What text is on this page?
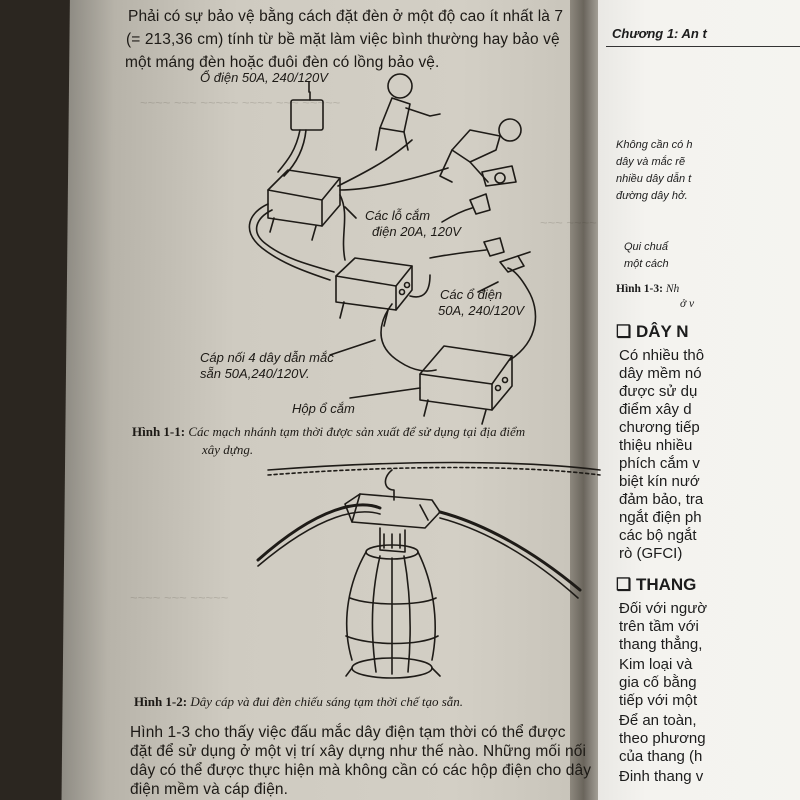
~~~~ ~~~ ~~~~~ ~~~~ ~~~ ~~~~~
~~~ ~~~~
~~~~ ~~~ ~~~~~
Phải có sự bảo vệ bằng cách đặt đèn ở một độ cao ít nhất là 7
(= 213,36 cm) tính từ bề mặt làm việc bình thường hay bảo vệ
một máng đèn hoặc đuôi đèn có lồng bảo vệ.
Ổ điện 50A, 240/120V
Các lỗ cắm
điện 20A, 120V
Các ổ điện
50A, 240/120V
Cáp nối 4 dây dẫn mắc
sẵn 50A,240/120V.
Hộp ổ cắm
Hình 1-1: Các mạch nhánh tạm thời được sản xuất để sử dụng tại địa điểm
xây dựng.
Hình 1-2: Dây cáp và đui đèn chiếu sáng tạm thời chế tạo sẵn.
Hình 1-3 cho thấy việc đấu mắc dây điện tạm thời có thể được
đặt để sử dụng ở một vị trí xây dựng như thế nào. Những mối nối
dây có thể được thực hiện mà không cần có các hộp điện cho dây
điện mềm và cáp điện.
Chương 1: An t
Không cần có h
dây và mắc rẽ
nhiều dây dẫn t
đường dây hở.
Qui chuẩ
một cách
Hình 1-3: Nh
ở v
❑ DÂY N
❑ THANG
Có nhiều thô
dây mềm nó
được sử dụ
điểm xây d
chương tiếp
thiệu nhiều
phích cắm v
biệt kín nướ
đảm bảo, tra
ngắt điện ph
các bộ ngắt
rò (GFCI)
Đối với ngườ
trên tầm với
thang thẳng,
Kim loại và
gia cố bằng
tiếp với một
Để an toàn,
theo phương
của thang (h
Đinh thang v
